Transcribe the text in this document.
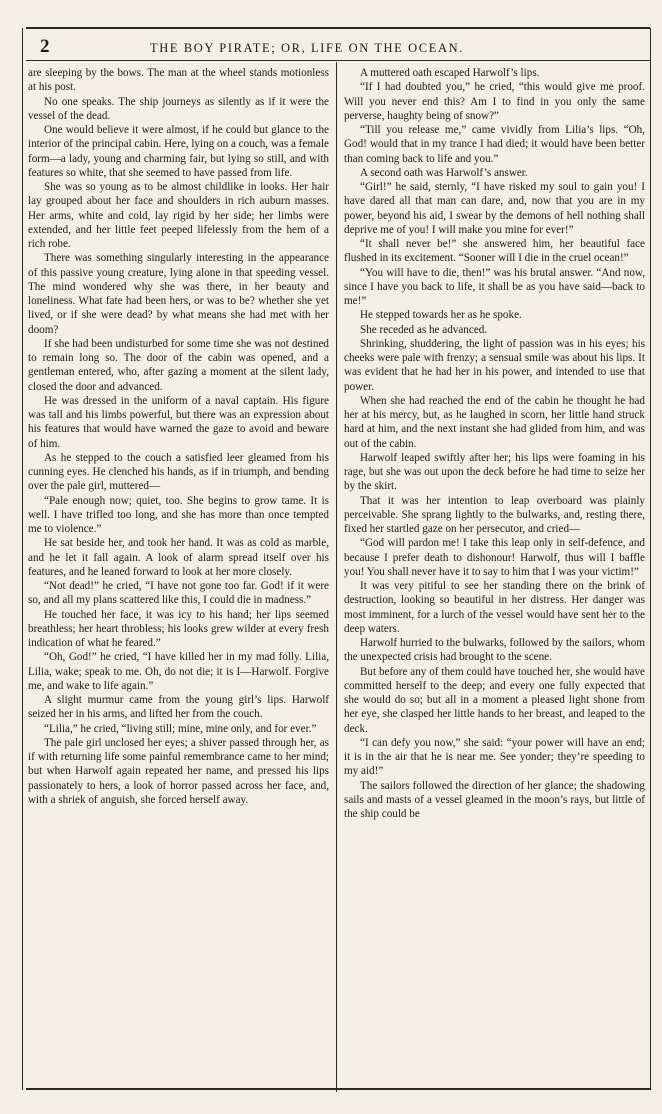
2	THE BOY PIRATE; OR, LIFE ON THE OCEAN.

are sleeping by the bows. The man at the wheel stands motionless at his post.

No one speaks. The ship journeys as silently as if it were the vessel of the dead.

One would believe it were almost, if he could but glance to the interior of the principal cabin. Here, lying on a couch, was a female form—a lady, young and charming fair, but lying so still, and with features so white, that she seemed to have passed from life.

She was so young as to be almost childlike in looks. Her hair lay grouped about her face and shoulders in rich auburn masses. Her arms, white and cold, lay rigid by her side; her limbs were extended, and her little feet peeped lifelessly from the hem of a rich robe.

There was something singularly interesting in the appearance of this passive young creature, lying alone in that speeding vessel. The mind wondered why she was there, in her beauty and loneliness. What fate had been hers, or was to be? whether she yet lived, or if she were dead? by what means she had met with her doom?

If she had been undisturbed for some time she was not destined to remain long so. The door of the cabin was opened, and a gentleman entered, who, after gazing a moment at the silent lady, closed the door and advanced.

He was dressed in the uniform of a naval captain. His figure was tall and his limbs powerful, but there was an expression about his features that would have warned the gaze to avoid and beware of him.

As he stepped to the couch a satisfied leer gleamed from his cunning eyes. He clenched his hands, as if in triumph, and bending over the pale girl, muttered—

“Pale enough now; quiet, too. She begins to grow tame. It is well. I have trifled too long, and she has more than once tempted me to violence.”

He sat beside her, and took her hand. It was as cold as marble, and he let it fall again. A look of alarm spread itself over his features, and he leaned forward to look at her more closely.

“Not dead!” he cried, “I have not gone too far. God! if it were so, and all my plans scattered like this, I could die in madness.”

He touched her face, it was icy to his hand; her lips seemed breathless; her heart throbless; his looks grew wilder at every fresh indication of what he feared.”

“Oh, God!” he cried, “I have killed her in my mad folly. Lilia, Lilia, wake; speak to me. Oh, do not die; it is I—Harwolf. Forgive me, and wake to life again.”

A slight murmur came from the young girl’s lips. Harwolf seized her in his arms, and lifted her from the couch.

“Lilia,” he cried, “living still; mine, mine only, and for ever.”

The pale girl unclosed her eyes; a shiver passed through her, as if with returning life some painful remembrance came to her mind; but when Harwolf again repeated her name, and pressed his lips passionately to hers, a look of horror passed across her face, and, with a shriek of anguish, she forced herself away.

A muttered oath escaped Harwolf’s lips.

“If I had doubted you,” he cried, “this would give me proof. Will you never end this? Am I to find in you only the same perverse, haughty being of snow?”

“Till you release me,” came vividly from Lilia’s lips. “Oh, God! would that in my trance I had died; it would have been better than coming back to life and you.”

A second oath was Harwolf’s answer.

“Girl!” he said, sternly, “I have risked my soul to gain you! I have dared all that man can dare, and, now that you are in my power, beyond his aid, I swear by the demons of hell nothing shall deprive me of you! I will make you mine for ever!”

“It shall never be!” she answered him, her beautiful face flushed in its excitement. “Sooner will I die in the cruel ocean!”

“You will have to die, then!” was his brutal answer. “And now, since I have you back to life, it shall be as you have said—back to me!”

He stepped towards her as he spoke.

She receded as he advanced.

Shrinking, shuddering, the light of passion was in his eyes; his cheeks were pale with frenzy; a sensual smile was about his lips. It was evident that he had her in his power, and intended to use that power.

When she had reached the end of the cabin he thought he had her at his mercy, but, as he laughed in scorn, her little hand struck hard at him, and the next instant she had glided from him, and was out of the cabin.

Harwolf leaped swiftly after her; his lips were foaming in his rage, but she was out upon the deck before he had time to seize her by the skirt.

That it was her intention to leap overboard was plainly perceivable. She sprang lightly to the bulwarks, and, resting there, fixed her startled gaze on her persecutor, and cried—

“God will pardon me! I take this leap only in self-defence, and because I prefer death to dishonour! Harwolf, thus will I baffle you! You shall never have it to say to him that I was your victim!”

It was very pitiful to see her standing there on the brink of destruction, looking so beautiful in her distress. Her danger was most imminent, for a lurch of the vessel would have sent her to the deep waters.

Harwolf hurried to the bulwarks, followed by the sailors, whom the unexpected crisis had brought to the scene.

But before any of them could have touched her, she would have committed herself to the deep; and every one fully expected that she would do so; but all in a moment a pleased light shone from her eye, she clasped her little hands to her breast, and leaped to the deck.

“I can defy you now,” she said: “your power will have an end; it is in the air that he is near me. See yonder; they’re speeding to my aid!”

The sailors followed the direction of her glance; the shadowing sails and masts of a vessel gleamed in the moon’s rays, but little of the ship could be
